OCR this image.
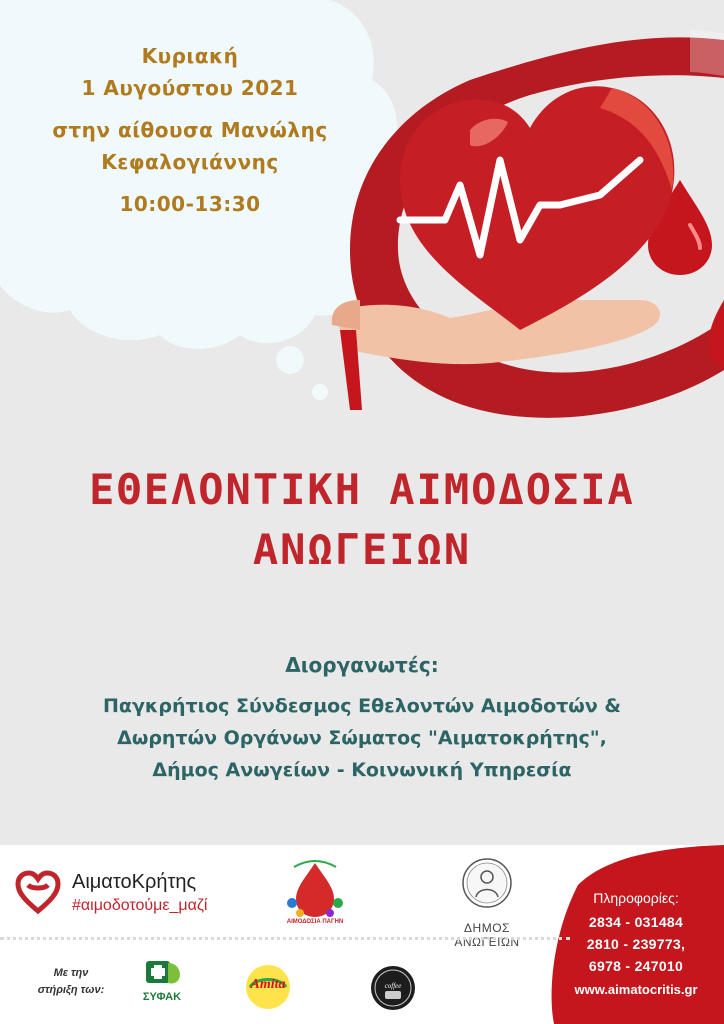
Κυριακή
1 Αυγούστου 2021
στην αίθουσα Μανώλης
Κεφαλογιάννης
10:00-13:30
ΕΘΕΛΟΝΤΙΚΗ ΑΙΜΟΔΟΣΙΑ
ΑΝΩΓΕΙΩΝ
Διοργανωτές:
Παγκρήτιος Σύνδεσμος Εθελοντών Αιμοδοτών &
Δωρητών Οργάνων Σώματος "Αιματοκρήτης",
Δήμος Ανωγείων - Κοινωνική Υπηρεσία
ΑιματοΚρήτης
#αιμοδοτούμε_μαζί
ΑΙΜΟΔΟΣΙΑ ΠΑΓΗΝ	ΔΗΜΟΣ ΑΝΩΓΕΙΩΝ
Με την
στήριξη των:
ΣΥΦΑΚ
Amita	coffee
Πληροφορίες:
2834 - 031484
2810 - 239773,
6978 - 247010
www.aimatocritis.gr
